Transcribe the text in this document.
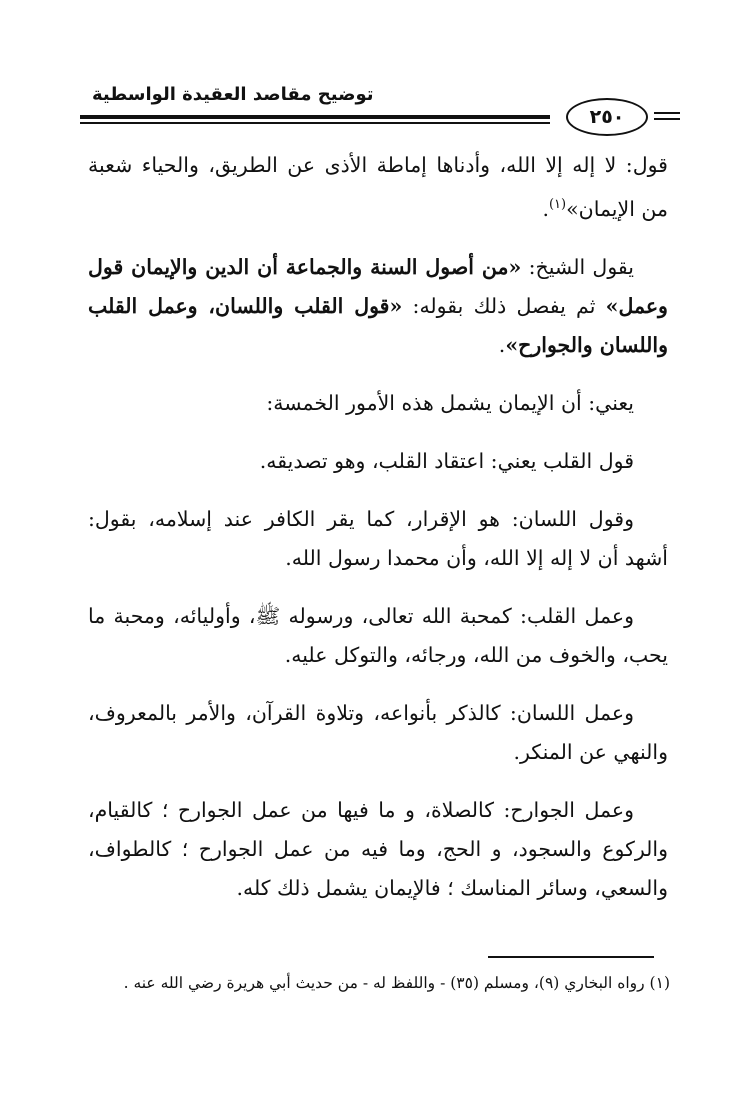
توضيح مقاصد العقيدة الواسطية
٢٥٠

قول: لا إله إلا الله، وأدناها إماطة الأذى عن الطريق، والحياء شعبة من الإيمان»$^{(١)}$.

يقول الشيخ: «من أصول السنة والجماعة أن الدين والإيمان قول وعمل» ثم يفصل ذلك بقوله: «قول القلب واللسان، وعمل القلب واللسان والجوارح».

يعني: أن الإيمان يشمل هذه الأمور الخمسة:

قول القلب يعني: اعتقاد القلب، وهو تصديقه.

وقول اللسان: هو الإقرار، كما يقر الكافر عند إسلامه، بقول: أشهد أن لا إله إلا الله، وأن محمدا رسول الله.

وعمل القلب: كمحبة الله تعالى، ورسوله ﷺ، وأوليائه، ومحبة ما يحب، والخوف من الله، ورجائه، والتوكل عليه.

وعمل اللسان: كالذكر بأنواعه، وتلاوة القرآن، والأمر بالمعروف، والنهي عن المنكر.

وعمل الجوارح: كالصلاة، و ما فيها من عمل الجوارح ؛ كالقيام، والركوع والسجود، و الحج، وما فيه من عمل الجوارح ؛ كالطواف، والسعي، وسائر المناسك ؛ فالإيمان يشمل ذلك كله.

(١) رواه البخاري (٩)، ومسلم (٣٥) - واللفظ له - من حديث أبي هريرة رضي الله عنه .
